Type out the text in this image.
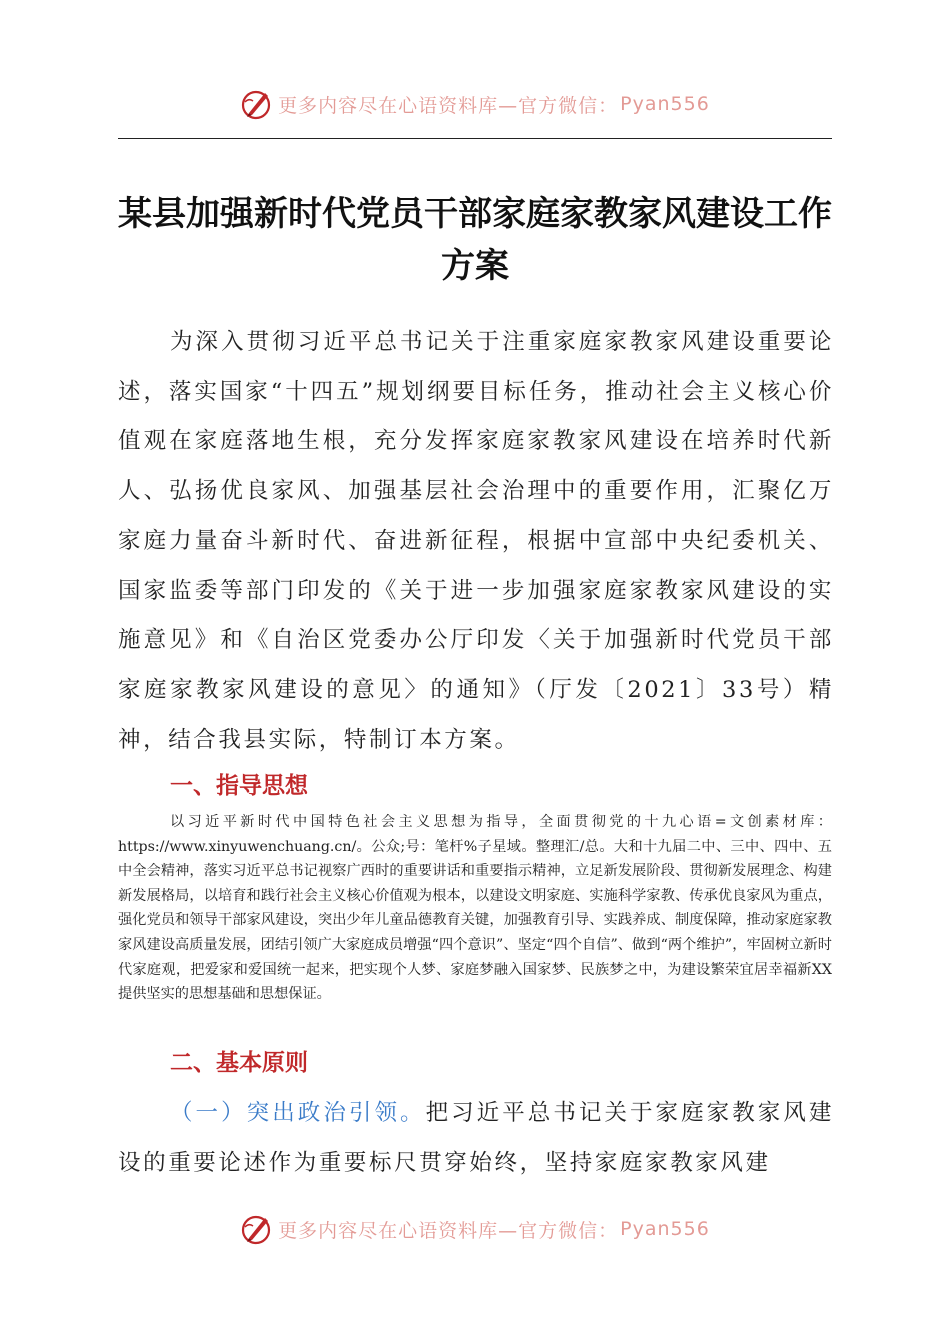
更多内容尽在心语资料库—官方微信： Pyan556
某县加强新时代党员干部家庭家教家风建设工作方案

为深入贯彻习近平总书记关于注重家庭家教家风建设重要论述，落实国家“十四五”规划纲要目标任务，推动社会主义核心价值观在家庭落地生根，充分发挥家庭家教家风建设在培养时代新人、弘扬优良家风、加强基层社会治理中的重要作用，汇聚亿万家庭力量奋斗新时代、奋进新征程，根据中宣部中央纪委机关、国家监委等部门印发的《关于进一步加强家庭家教家风建设的实施意见》和《自治区党委办公厅印发〈关于加强新时代党员干部家庭家教家风建设的意见〉的通知》（厅发〔2021〕33号）精神，结合我县实际，特制订本方案。

一、指导思想

以习近平新时代中国特色社会主义思想为指导，全面贯彻党的十九心语=文创素材库：https://www.xinyuwenchuang.cn/。公众;号：笔杆%子星域。整理汇/总。大和十九届二中、三中、四中、五中全会精神，落实习近平总书记视察广西时的重要讲话和重要指示精神，立足新发展阶段、贯彻新发展理念、构建新发展格局，以培育和践行社会主义核心价值观为根本，以建设文明家庭、实施科学家教、传承优良家风为重点，强化党员和领导干部家风建设，突出少年儿童品德教育关键，加强教育引导、实践养成、制度保障，推动家庭家教家风建设高质量发展，团结引领广大家庭成员增强“四个意识”、坚定“四个自信”、做到“两个维护”，牢固树立新时代家庭观，把爱家和爱国统一起来，把实现个人梦、家庭梦融入国家梦、民族梦之中，为建设繁荣宜居幸福新XX提供坚实的思想基础和思想保证。

二、基本原则

（一）突出政治引领。把习近平总书记关于家庭家教家风建设的重要论述作为重要标尺贯穿始终，坚持家庭家教家风建

更多内容尽在心语资料库—官方微信： Pyan556
